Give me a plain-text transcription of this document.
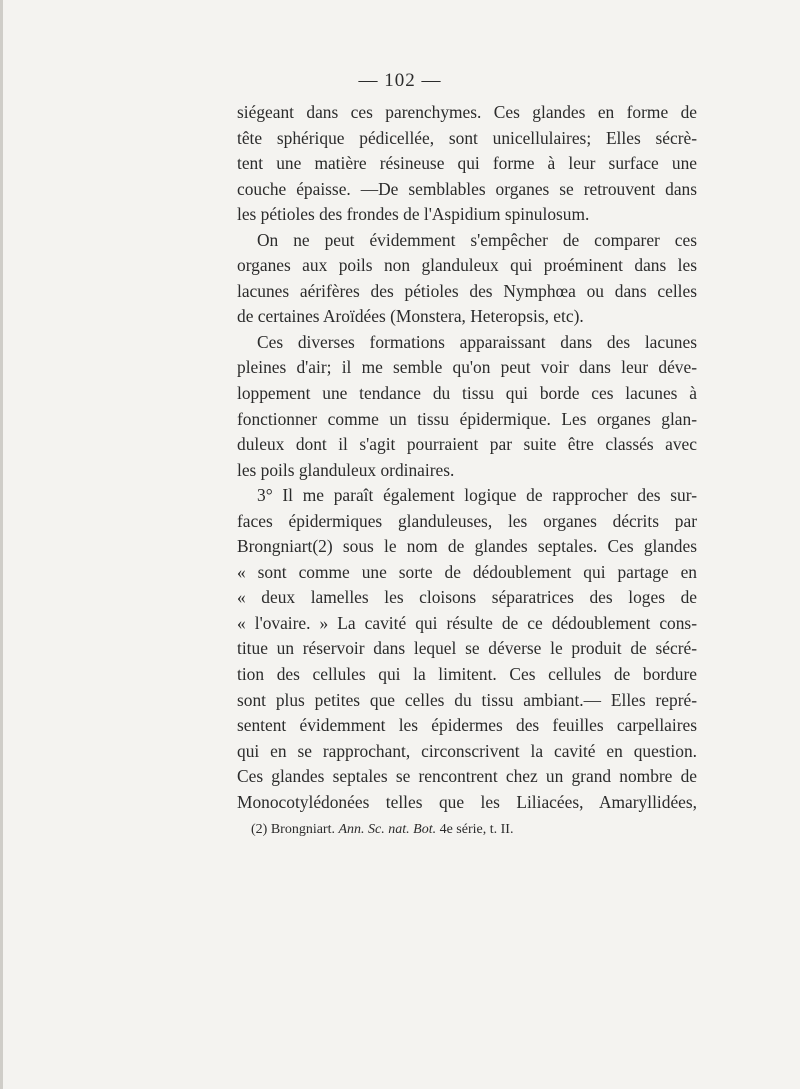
— 102 —
siégeant dans ces parenchymes. Ces glandes en forme de
tête sphérique pédicellée, sont unicellulaires; Elles sécrè-
tent une matière résineuse qui forme à leur surface une
couche épaisse. —De semblables organes se retrouvent dans
les pétioles des frondes de l'Aspidium spinulosum.
On ne peut évidemment s'empêcher de comparer ces
organes aux poils non glanduleux qui proéminent dans les
lacunes aérifères des pétioles des Nymphœa ou dans celles
de certaines Aroïdées (Monstera, Heteropsis, etc).
Ces diverses formations apparaissant dans des lacunes
pleines d'air; il me semble qu'on peut voir dans leur déve-
loppement une tendance du tissu qui borde ces lacunes à
fonctionner comme un tissu épidermique. Les organes glan-
duleux dont il s'agit pourraient par suite être classés avec
les poils glanduleux ordinaires.
3° Il me paraît également logique de rapprocher des sur-
faces épidermiques glanduleuses, les organes décrits par
Brongniart(2) sous le nom de glandes septales. Ces glandes
« sont comme une sorte de dédoublement qui partage en
« deux lamelles les cloisons séparatrices des loges de
« l'ovaire. » La cavité qui résulte de ce dédoublement cons-
titue un réservoir dans lequel se déverse le produit de sécré-
tion des cellules qui la limitent. Ces cellules de bordure
sont plus petites que celles du tissu ambiant.— Elles repré-
sentent évidemment les épidermes des feuilles carpellaires
qui en se rapprochant, circonscrivent la cavité en question.
Ces glandes septales se rencontrent chez un grand nombre de
Monocotylédonées telles que les Liliacées, Amaryllidées,
(2) Brongniart. Ann. Sc. nat. Bot. 4e série, t. II.
